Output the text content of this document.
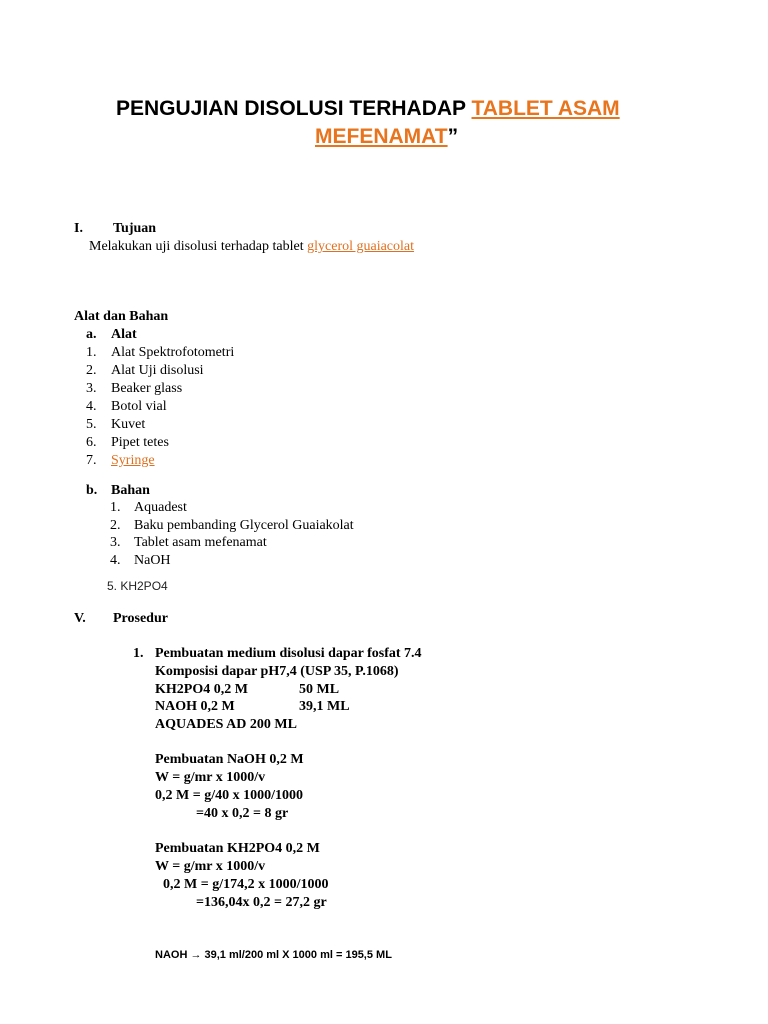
PENGUJIAN DISOLUSI TERHADAP TABLET ASAM
MEFENAMAT”
I. Tujuan
Melakukan uji disolusi terhadap tablet glycerol guaiacolat
Alat dan Bahan
a. Alat
1. Alat Spektrofotometri
2. Alat Uji disolusi
3. Beaker glass
4. Botol vial
5. Kuvet
6. Pipet tetes
7. Syringe
b. Bahan
1. Aquadest
2. Baku pembanding Glycerol Guaiakolat
3. Tablet asam mefenamat
4. NaOH
5. KH2PO4
V. Prosedur
1. Pembuatan medium disolusi dapar fosfat 7.4
Komposisi dapar pH7,4 (USP 35, P.1068)
KH2PO4 0,2 M	50 ML
NAOH 0,2 M	39,1 ML
AQUADES AD 200 ML
Pembuatan NaOH 0,2 M
W = g/mr x 1000/v
0,2 M = g/40 x 1000/1000
=40 x 0,2 = 8 gr
Pembuatan KH2PO4 0,2 M
W = g/mr x 1000/v
0,2 M = g/174,2 x 1000/1000
=136,04x 0,2 = 27,2 gr
NAOH → 39,1 ml/200 ml X 1000 ml = 195,5 ML
